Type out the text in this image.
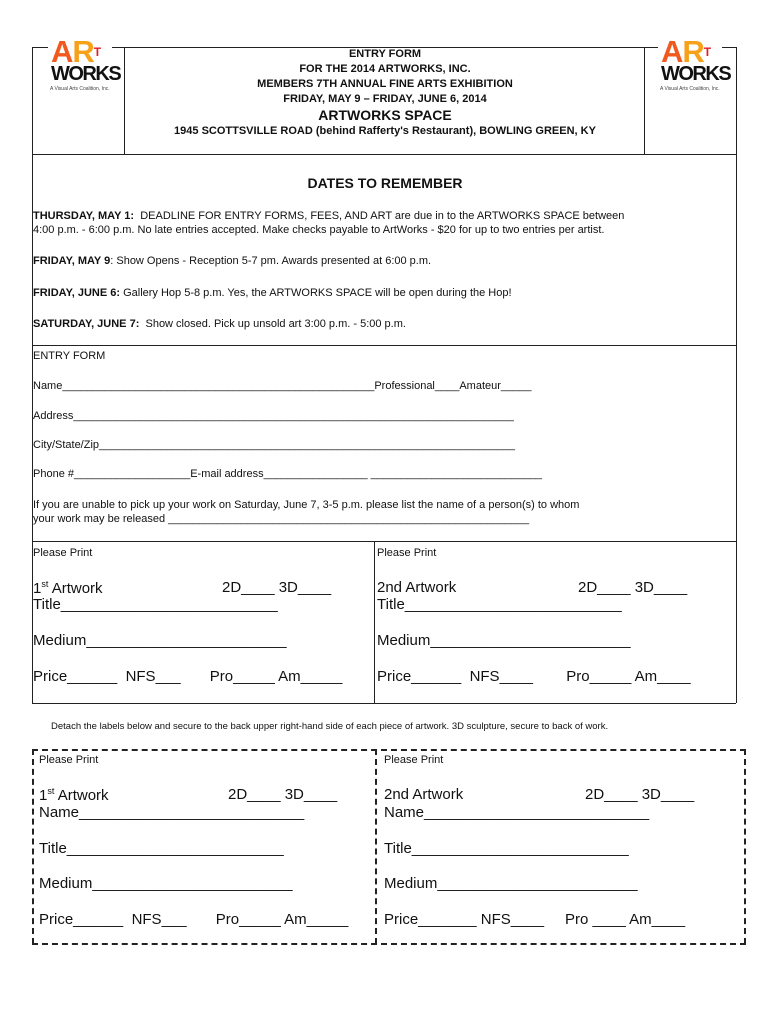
AR T
WORKS
A Visual Arts Coalition, Inc.
AR T
WORKS
A Visual Arts Coalition, Inc.
ENTRY FORM
FOR THE 2014 ARTWORKS, INC.
MEMBERS 7TH ANNUAL FINE ARTS EXHIBITION
FRIDAY, MAY 9 – FRIDAY, JUNE 6, 2014
ARTWORKS SPACE
1945 SCOTTSVILLE ROAD (behind Rafferty's Restaurant), BOWLING GREEN, KY
DATES TO REMEMBER
THURSDAY, MAY 1: DEADLINE FOR ENTRY FORMS, FEES, AND ART are due in to the ARTWORKS SPACE between
4:00 p.m. - 6:00 p.m. No late entries accepted. Make checks payable to ArtWorks - $20 for up to two entries per artist.
FRIDAY, MAY 9: Show Opens - Reception 5-7 pm. Awards presented at 6:00 p.m.
FRIDAY, JUNE 6: Gallery Hop 5-8 p.m. Yes, the ARTWORKS SPACE will be open during the Hop!
SATURDAY, JUNE 7: Show closed. Pick up unsold art 3:00 p.m. - 5:00 p.m.
ENTRY FORM
Name___________________________________________________Professional____Amateur_____
Address________________________________________________________________________
City/State/Zip____________________________________________________________________
Phone #___________________E-mail address_________________ ____________________________
If you are unable to pick up your work on Saturday, June 7, 3-5 p.m. please list the name of a person(s) to whom
your work may be released ___________________________________________________________
Please Print
1st Artwork	2D____ 3D____
Title__________________________
Medium________________________
Price______  NFS___       Pro_____ Am_____
Please Print
2nd Artwork	2D____ 3D____
Title__________________________
Medium________________________
Price______  NFS____        Pro_____ Am____
Detach the labels below and secure to the back upper right-hand side of each piece of artwork. 3D sculpture, secure to back of work.
Please Print
1st Artwork	2D____ 3D____
Name___________________________
Title__________________________
Medium________________________
Price______  NFS___       Pro_____ Am_____
Please Print
2nd Artwork	2D____ 3D____
Name___________________________
Title__________________________
Medium________________________
Price_______ NFS____     Pro ____ Am____
